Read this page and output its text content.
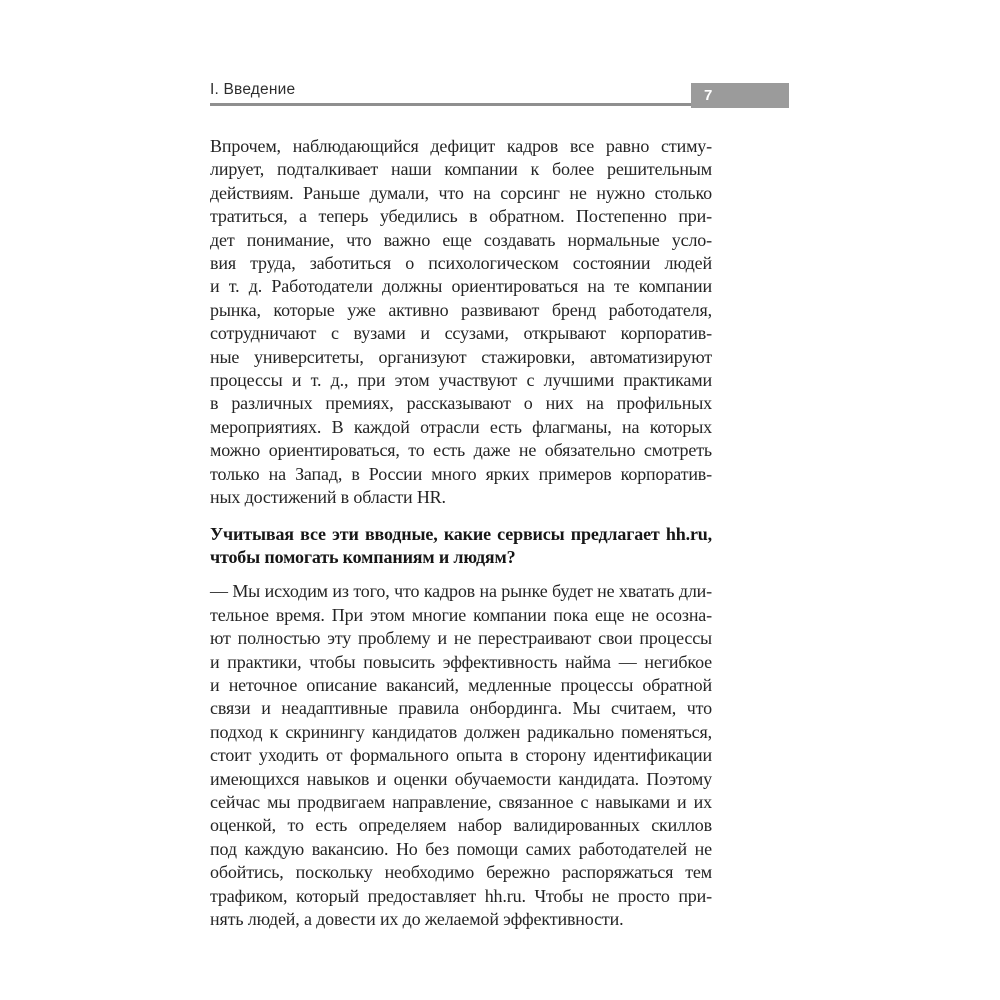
I. Введение	7
Впрочем, наблюдающийся дефицит кадров все равно стиму-
лирует, подталкивает наши компании к более решительным
действиям. Раньше думали, что на сорсинг не нужно столько
тратиться, а теперь убедились в обратном. Постепенно при-
дет понимание, что важно еще создавать нормальные усло-
вия труда, заботиться о психологическом состоянии людей
и т. д. Работодатели должны ориентироваться на те компании
рынка, которые уже активно развивают бренд работодателя,
сотрудничают с вузами и ссузами, открывают корпоратив-
ные университеты, организуют стажировки, автоматизируют
процессы и т. д., при этом участвуют с лучшими практиками
в различных премиях, рассказывают о них на профильных
мероприятиях. В каждой отрасли есть флагманы, на которых
можно ориентироваться, то есть даже не обязательно смотреть
только на Запад, в России много ярких примеров корпоратив-
ных достижений в области HR.
Учитывая все эти вводные, какие сервисы предлагает hh.ru,
чтобы помогать компаниям и людям?
— Мы исходим из того, что кадров на рынке будет не хватать дли-
тельное время. При этом многие компании пока еще не осозна-
ют полностью эту проблему и не перестраивают свои процессы
и практики, чтобы повысить эффективность найма — негибкое
и неточное описание вакансий, медленные процессы обратной
связи и неадаптивные правила онбординга. Мы считаем, что
подход к скринингу кандидатов должен радикально поменяться,
стоит уходить от формального опыта в сторону идентификации
имеющихся навыков и оценки обучаемости кандидата. Поэтому
сейчас мы продвигаем направление, связанное с навыками и их
оценкой, то есть определяем набор валидированных скиллов
под каждую вакансию. Но без помощи самих работодателей не
обойтись, поскольку необходимо бережно распоряжаться тем
трафиком, который предоставляет hh.ru. Чтобы не просто при-
нять людей, а довести их до желаемой эффективности.
